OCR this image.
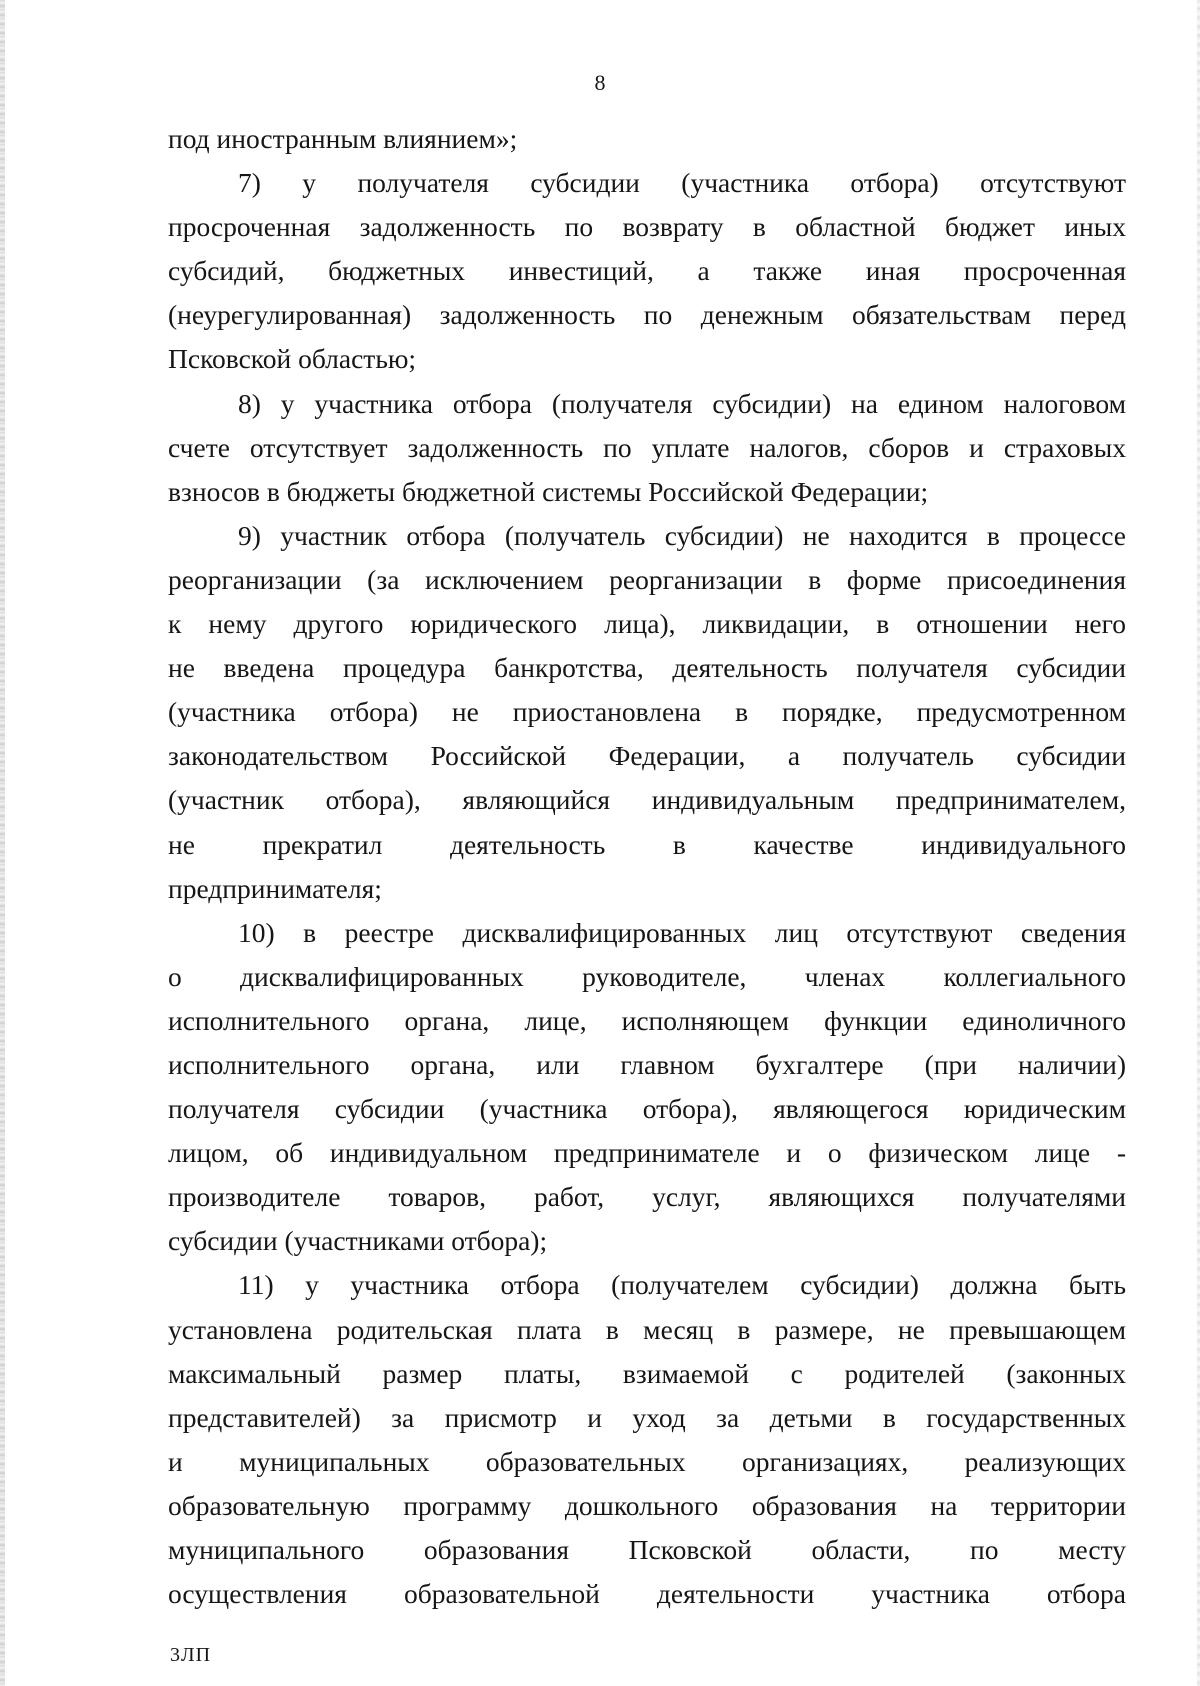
8
под иностранным влиянием»;
7) у получателя субсидии (участника отбора) отсутствуют
просроченная задолженность по возврату в областной бюджет иных
субсидий, бюджетных инвестиций, а также иная просроченная
(неурегулированная) задолженность по денежным обязательствам перед
Псковской областью;
8) у участника отбора (получателя субсидии) на едином налоговом
счете отсутствует задолженность по уплате налогов, сборов и страховых
взносов в бюджеты бюджетной системы Российской Федерации;
9) участник отбора (получатель субсидии) не находится в процессе
реорганизации (за исключением реорганизации в форме присоединения
к нему другого юридического лица), ликвидации, в отношении него
не введена процедура банкротства, деятельность получателя субсидии
(участника отбора) не приостановлена в порядке, предусмотренном
законодательством Российской Федерации, а получатель субсидии
(участник отбора), являющийся индивидуальным предпринимателем,
не прекратил деятельность в качестве индивидуального
предпринимателя;
10) в реестре дисквалифицированных лиц отсутствуют сведения
о дисквалифицированных руководителе, членах коллегиального
исполнительного органа, лице, исполняющем функции единоличного
исполнительного органа, или главном бухгалтере (при наличии)
получателя субсидии (участника отбора), являющегося юридическим
лицом, об индивидуальном предпринимателе и о физическом лице -
производителе товаров, работ, услуг, являющихся получателями
субсидии (участниками отбора);
11) у участника отбора (получателем субсидии) должна быть
установлена родительская плата в месяц в размере, не превышающем
максимальный размер платы, взимаемой с родителей (законных
представителей) за присмотр и уход за детьми в государственных
и муниципальных образовательных организациях, реализующих
образовательную программу дошкольного образования на территории
муниципального образования Псковской области, по месту
осуществления образовательной деятельности участника отбора
3ЛП
